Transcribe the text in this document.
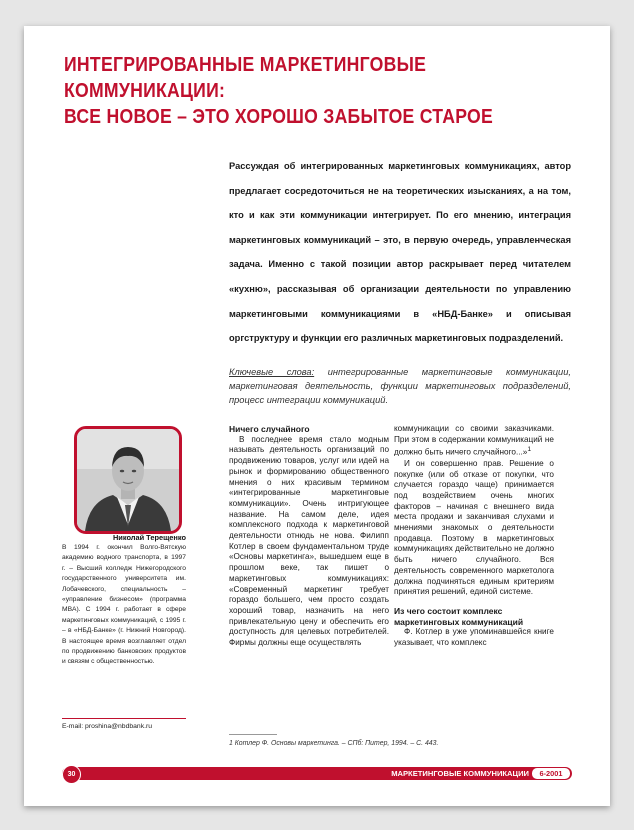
ИНТЕГРИРОВАННЫЕ МАРКЕТИНГОВЫЕ
КОММУНИКАЦИИ:
ВСЕ НОВОЕ – ЭТО ХОРОШО ЗАБЫТОЕ СТАРОЕ

Рассуждая об интегрированных маркетинговых коммуникациях, автор предлагает сосредоточиться не на теоретических изысканиях, а на том, кто и как эти коммуникации интегрирует. По его мнению, интеграция маркетинговых коммуникаций – это, в первую очередь, управленческая задача. Именно с такой позиции автор раскрывает перед читателем «кухню», рассказывая об организации деятельности по управлению маркетинговыми коммуникациями в «НБД-Банке» и описывая оргструктуру и функции его различных маркетинговых подразделений.

Ключевые слова: интегрированные маркетинговые коммуникации, маркетинговая деятельность, функции маркетинговых подразделений, процесс интеграции коммуникаций.

Николай Терещенко

В 1994 г. окончил Волго-Вятскую академию водного транспорта, в 1997 г. – Высший колледж Нижегородского государственного университета им. Лобачевского, специальность – «управление бизнесом» (программа MBA). С 1994 г. работает в сфере маркетинговых коммуникаций, с 1995 г. – в «НБД-Банке» (г. Нижний Новгород). В настоящее время возглавляет отдел по продвижению банковских продуктов и связям с общественностью.

E-mail: proshina@nbdbank.ru

Ничего случайного

В последнее время стало модным называть деятельность организаций по продвижению товаров, услуг или идей на рынок и формированию общественного мнения о них красивым термином «интегрированные маркетинговые коммуникации». Очень интригующее название. На самом деле, идея комплексного подхода к маркетинговой деятельности отнюдь не нова. Филипп Котлер в своем фундаментальном труде «Основы маркетинга», вышедшем еще в прошлом веке, так пишет о маркетинговых коммуникациях: «Современный маркетинг требует гораздо большего, чем просто создать хороший товар, назначить на него привлекательную цену и обеспечить его доступность для целевых потребителей. Фирмы должны еще осуществлять

коммуникации со своими заказчиками. При этом в содержании коммуникаций не должно быть ничего случайного...»$^1$

И он совершенно прав. Решение о покупке (или об отказе от покупки, что случается гораздо чаще) принимается под воздействием очень многих факторов – начиная с внешнего вида места продажи и заканчивая слухами и мнениями знакомых о деятельности продавца. Поэтому в маркетинговых коммуникациях действительно не должно быть ничего случайного. Вся деятельность современного маркетолога должна подчиняться единым критериям принятия решений, единой системе.

Из чего состоит комплекс
маркетинговых коммуникаций

Ф. Котлер в уже упоминавшейся книге указывает, что комплекс

1 Котлер Ф. Основы маркетинга. – СПб: Питер, 1994. – С. 443.

30	МАРКЕТИНГОВЫЕ КОММУНИКАЦИИ	6-2001
